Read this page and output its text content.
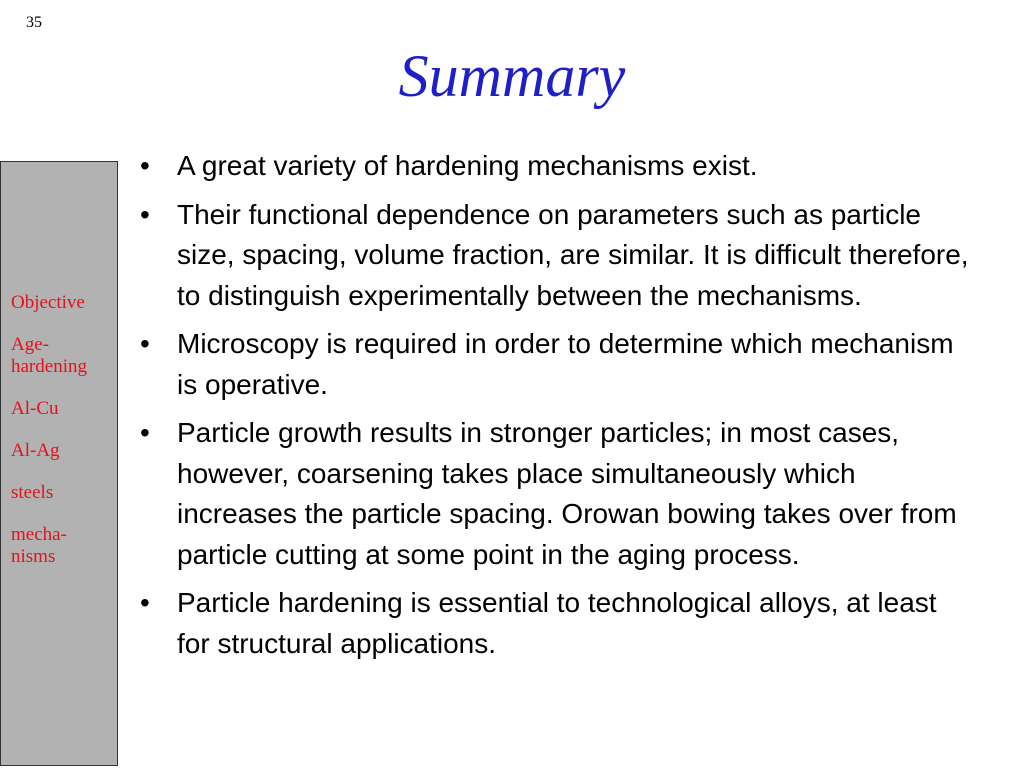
35
Summary
Objective
Age-
hardening
Al-Cu
Al-Ag
steels
mecha-
nisms
• A great variety of hardening mechanisms exist.
• Their functional dependence on parameters such as particle size, spacing, volume fraction, are similar. It is difficult therefore, to distinguish experimentally between the mechanisms.
• Microscopy is required in order to determine which mechanism is operative.
• Particle growth results in stronger particles; in most cases, however, coarsening takes place simultaneously which increases the particle spacing. Orowan bowing takes over from particle cutting at some point in the aging process.
• Particle hardening is essential to technological alloys, at least for structural applications.
